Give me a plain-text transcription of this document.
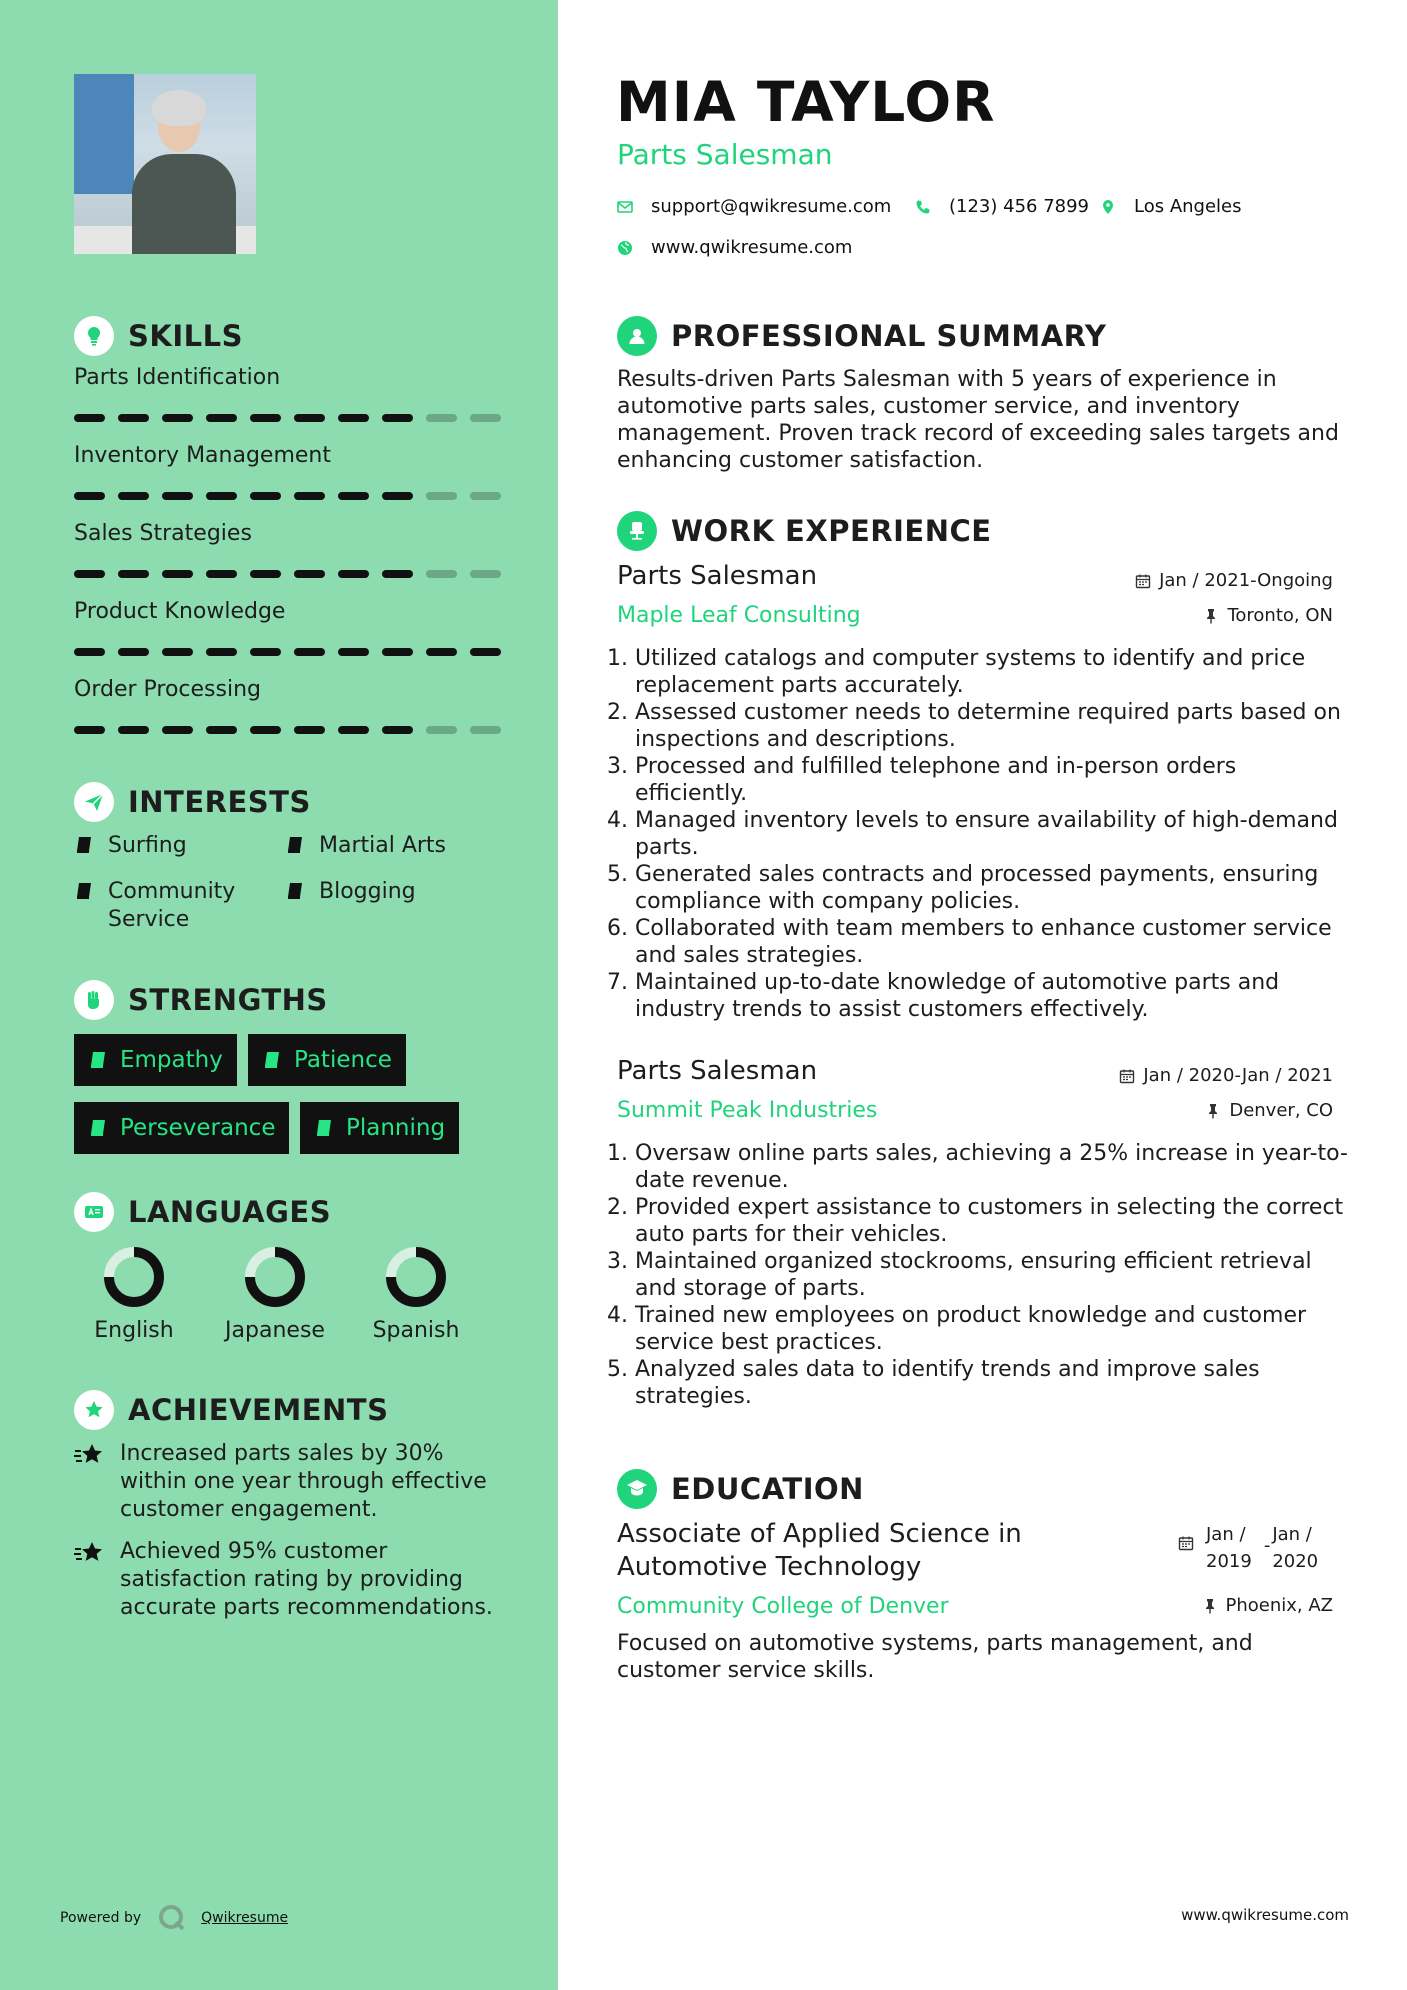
SKILLS
Parts Identification
Inventory Management
Sales Strategies
Product Knowledge
Order Processing
INTERESTS
Surfing	Martial Arts
Community Service
Blogging
STRENGTHS
Empathy	Patience
Perseverance	Planning
LANGUAGES
English	Japanese	Spanish
ACHIEVEMENTS
Increased parts sales by 30% within one year through effective customer engagement.
Achieved 95% customer satisfaction rating by providing accurate parts recommendations.
Powered by	Qwikresume
MIA TAYLOR
Parts Salesman
support@qwikresume.com	(123) 456 7899 Los Angeles
www.qwikresume.com
PROFESSIONAL SUMMARY
Results-driven Parts Salesman with 5 years of experience in automotive parts sales, customer service, and inventory management. Proven track record of exceeding sales targets and enhancing customer satisfaction.
WORK EXPERIENCE
Parts Salesman	Jan / 2021-Ongoing
Maple Leaf Consulting	Toronto, ON
1. Utilized catalogs and computer systems to identify and price replacement parts accurately.
2. Assessed customer needs to determine required parts based on inspections and descriptions.
3. Processed and fulfilled telephone and in-person orders efficiently.
4. Managed inventory levels to ensure availability of high-demand parts.
5. Generated sales contracts and processed payments, ensuring compliance with company policies.
6. Collaborated with team members to enhance customer service and sales strategies.
7. Maintained up-to-date knowledge of automotive parts and industry trends to assist customers effectively.
Parts Salesman	Jan / 2020-Jan / 2021
Summit Peak Industries	Denver, CO
1. Oversaw online parts sales, achieving a 25% increase in year-to-date revenue.
2. Provided expert assistance to customers in selecting the correct auto parts for their vehicles.
3. Maintained organized stockrooms, ensuring efficient retrieval and storage of parts.
4. Trained new employees on product knowledge and customer service best practices.
5. Analyzed sales data to identify trends and improve sales strategies.
EDUCATION
Associate of Applied Science in Automotive Technology
Jan /
2019
-
Jan /
2020
Community College of Denver	Phoenix, AZ
Focused on automotive systems, parts management, and customer service skills.
www.qwikresume.com
